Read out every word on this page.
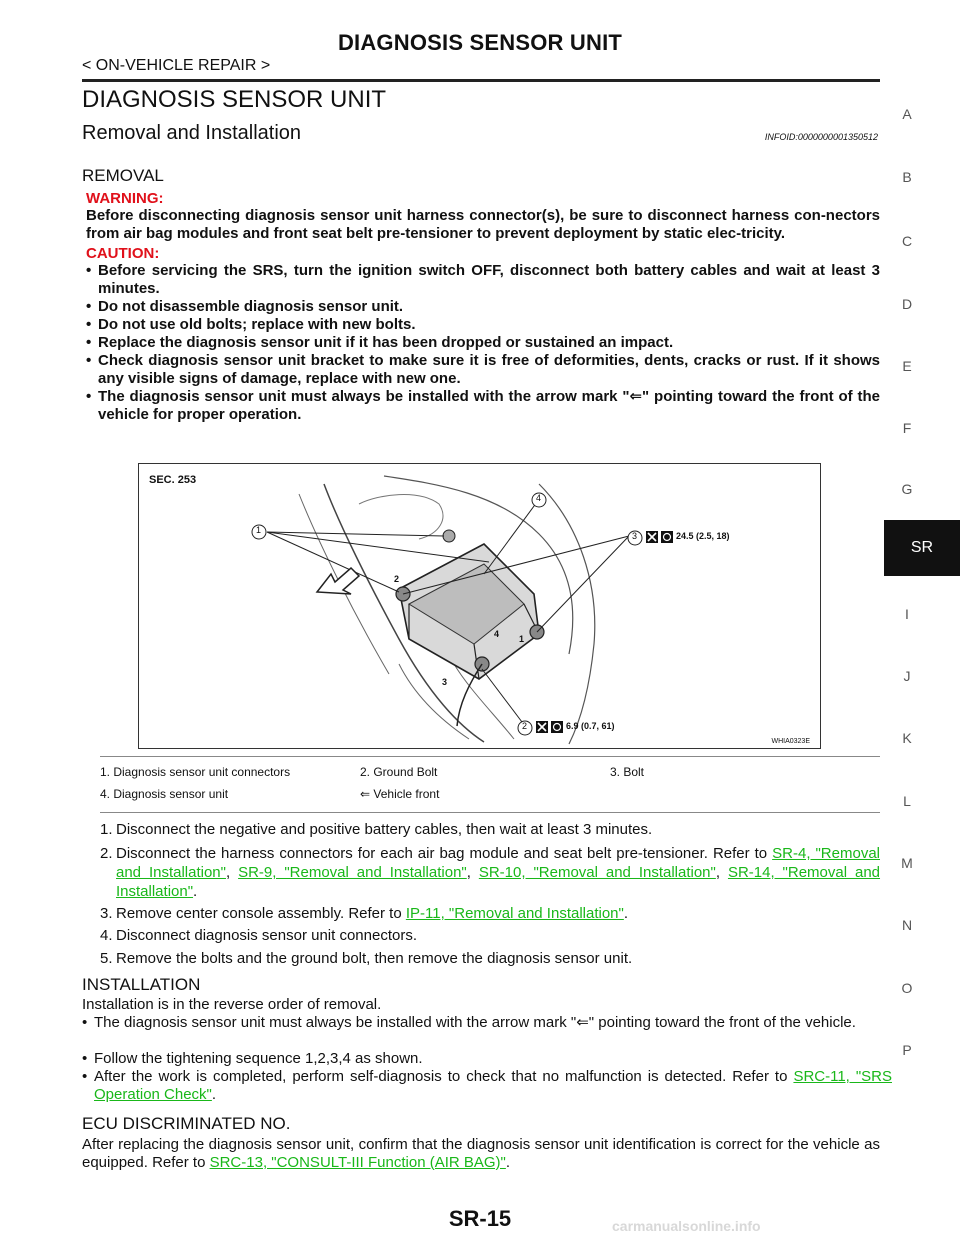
DIAGNOSIS SENSOR UNIT
< ON-VEHICLE REPAIR >
DIAGNOSIS SENSOR UNIT
Removal and Installation	INFOID:0000000001350512
REMOVAL
WARNING:
Before disconnecting diagnosis sensor unit harness connector(s), be sure to disconnect harness con-nectors from air bag modules and front seat belt pre-tensioner to prevent deployment by static elec-tricity.
CAUTION:
• Before servicing the SRS, turn the ignition switch OFF, disconnect both battery cables and wait at least 3 minutes.
• Do not disassemble diagnosis sensor unit.
• Do not use old bolts; replace with new bolts.
• Replace the diagnosis sensor unit if it has been dropped or sustained an impact.
• Check diagnosis sensor unit bracket to make sure it is free of deformities, dents, cracks or rust. If it shows any visible signs of damage, replace with new one.
• The diagnosis sensor unit must always be installed with the arrow mark "⇐" pointing toward the front of the vehicle for proper operation.
SEC. 253
1
4
3
2
24.5 (2.5, 18)
6.9 (0.7, 61)
2
1
4
3
WHIA0323E
1. Diagnosis sensor unit connectors	2. Ground Bolt	3. Bolt
4. Diagnosis sensor unit	⇐ Vehicle front	
1. Disconnect the negative and positive battery cables, then wait at least 3 minutes.
2. Disconnect the harness connectors for each air bag module and seat belt pre-tensioner. Refer to SR-4, "Removal and Installation", SR-9, "Removal and Installation", SR-10, "Removal and Installation", SR-14, "Removal and Installation".
3. Remove center console assembly. Refer to IP-11, "Removal and Installation".
4. Disconnect diagnosis sensor unit connectors.
5. Remove the bolts and the ground bolt, then remove the diagnosis sensor unit.
INSTALLATION
Installation is in the reverse order of removal.
• The diagnosis sensor unit must always be installed with the arrow mark "⇐" pointing toward the front of the vehicle.
• Follow the tightening sequence 1,2,3,4 as shown.
• After the work is completed, perform self-diagnosis to check that no malfunction is detected. Refer to SRC-11, "SRS Operation Check".
ECU DISCRIMINATED NO.
After replacing the diagnosis sensor unit, confirm that the diagnosis sensor unit identification is correct for the vehicle as equipped. Refer to SRC-13, "CONSULT-III Function (AIR BAG)".
A
B
C
D
E
F
G
SR
I
J
K
L
M
N
O
P
SR-15	carmanualsonline.info
